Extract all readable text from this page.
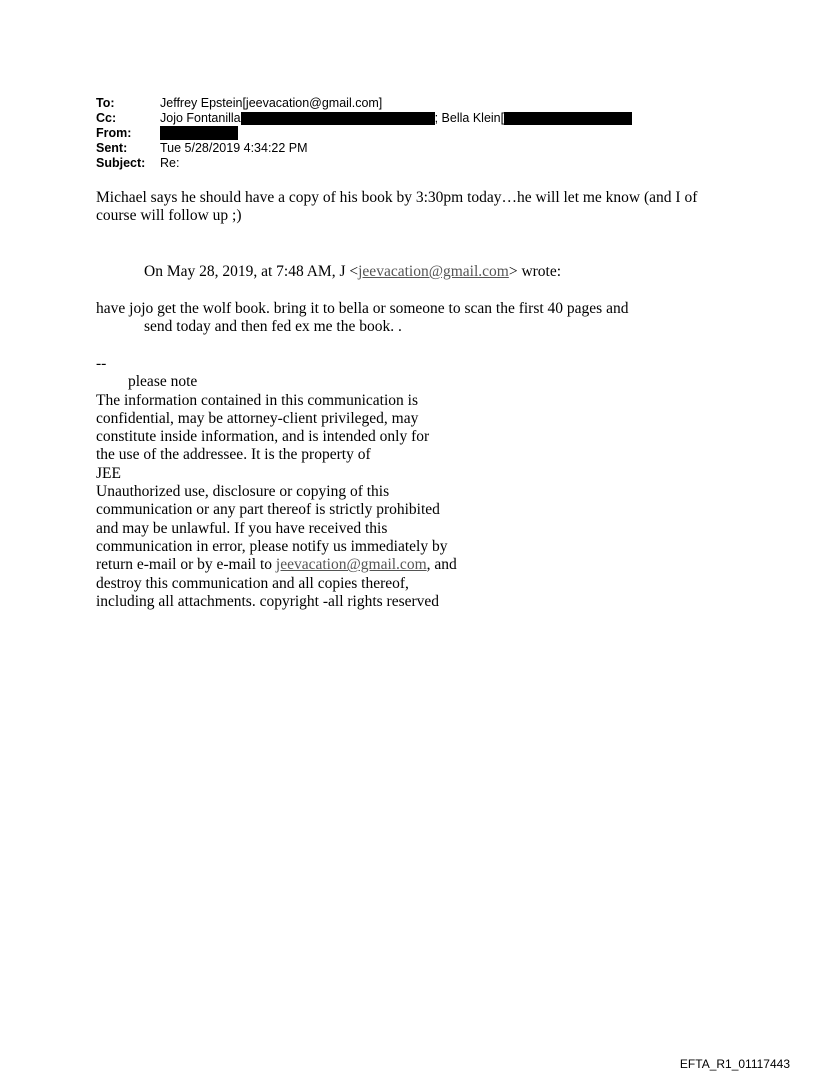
To:	Jeffrey Epstein[jeevacation@gmail.com]
Cc:	Jojo Fontanilla	; Bella Klein[
From:
Sent:	Tue 5/28/2019 4:34:22 PM
Subject:	Re:
Michael says he should have a copy of his book by 3:30pm today…he will let me know (and I of
course will follow up ;)
On May 28, 2019, at 7:48 AM, J <jeevacation@gmail.com> wrote:
have jojo get the wolf book. bring it to bella or someone to scan the first 40 pages and
send today and then fed ex me the book. .
--
please note
The information contained in this communication is
confidential, may be attorney-client privileged, may
constitute inside information, and is intended only for
the use of the addressee. It is the property of
JEE
Unauthorized use, disclosure or copying of this
communication or any part thereof is strictly prohibited
and may be unlawful. If you have received this
communication in error, please notify us immediately by
return e-mail or by e-mail to jeevacation@gmail.com, and
destroy this communication and all copies thereof,
including all attachments. copyright -all rights reserved
EFTA_R1_01117443
